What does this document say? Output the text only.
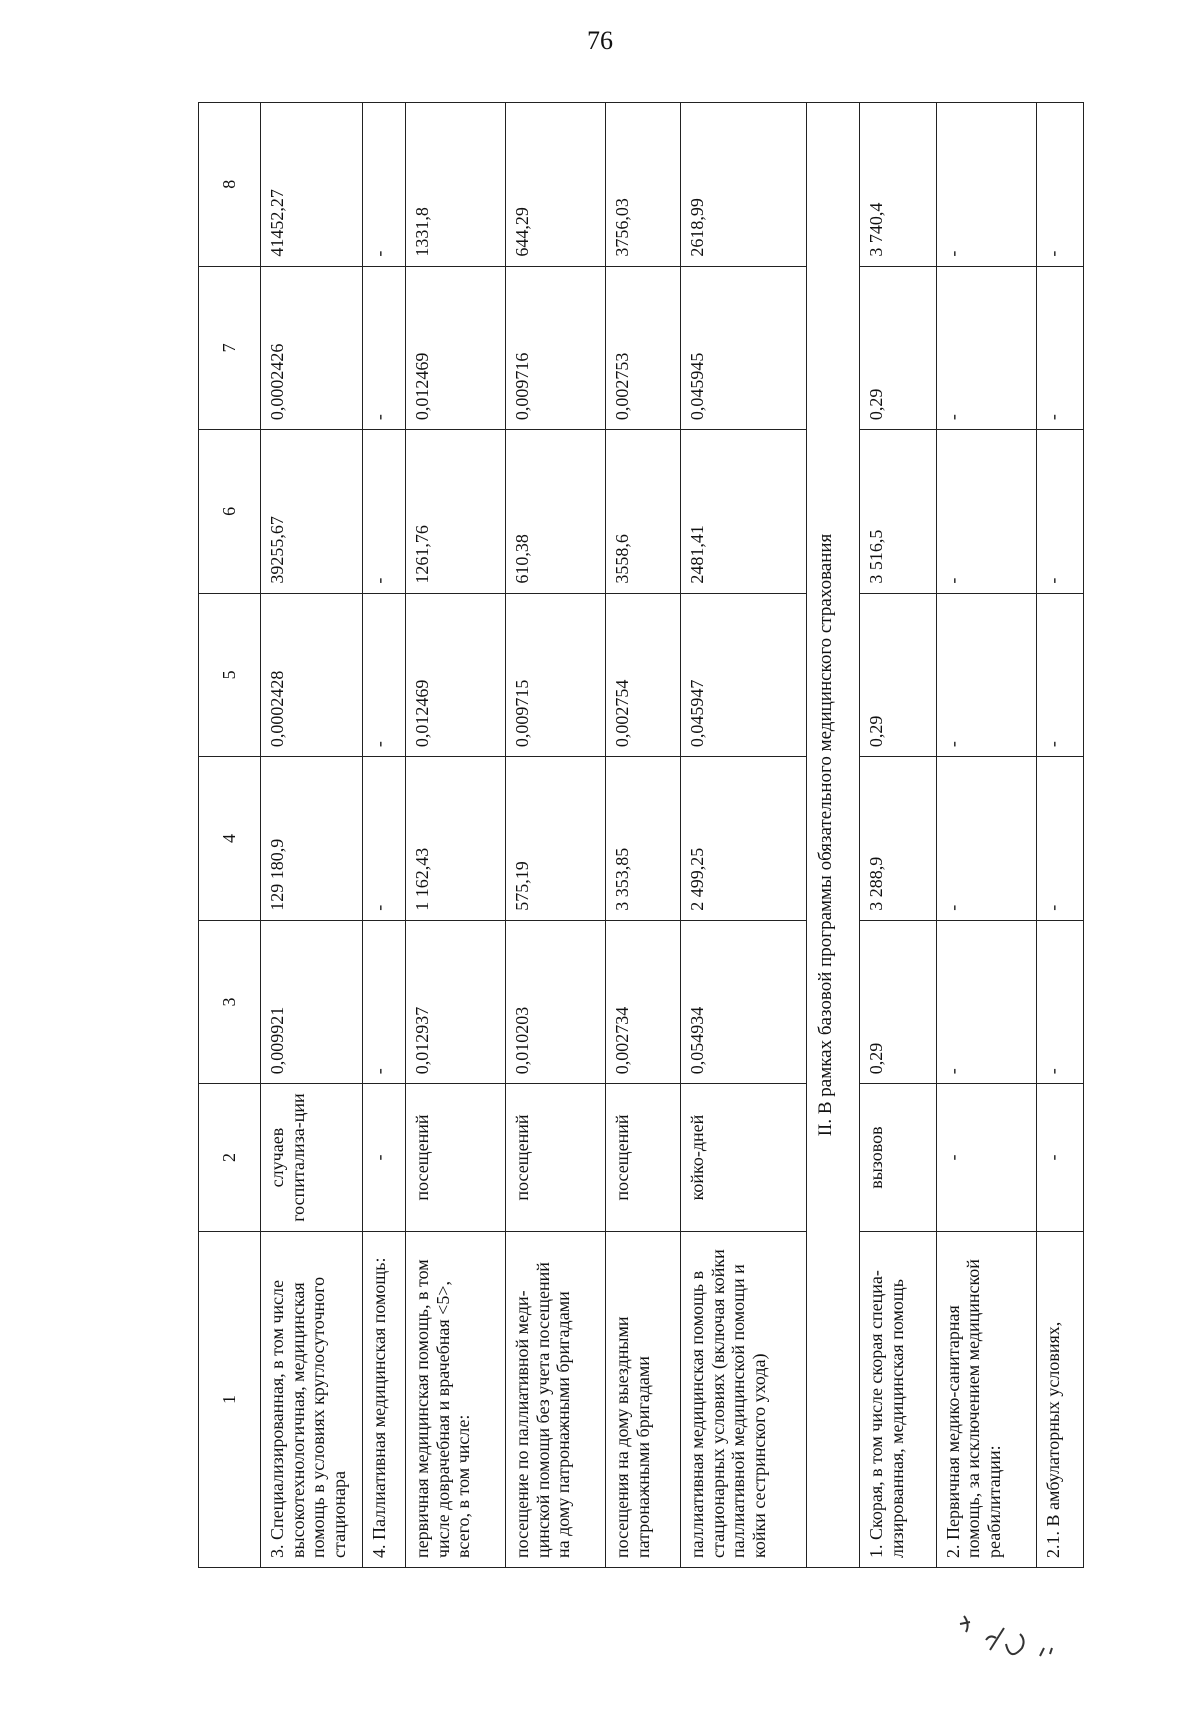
76
1	2	3	4	5	6	7	8
3. Специализированная, в том числе высокотехнологичная, медицинская помощь в условиях круглосуточного стационара	случаев госпитализа-ции	0,009921	129 180,9	0,0002428	39255,67	0,0002426	41452,27
4. Паллиативная медицинская помощь:	-	-	-	-	-	-	-
первичная медицинская помощь, в том числе доврачебная и врачебная <5>, всего, в том числе:	посещений	0,012937	1 162,43	0,012469	1261,76	0,012469	1331,8
посещение по паллиативной меди-цинской помощи без учета посещений на дому патронажными бригадами	посещений	0,010203	575,19	0,009715	610,38	0,009716	644,29
посещения на дому выездными патронажными бригадами	посещений	0,002734	3 353,85	0,002754	3558,6	0,002753	3756,03
паллиативная медицинская помощь в стационарных условиях (включая койки паллиативной медицинской помощи и койки сестринского ухода)	койко-дней	0,054934	2 499,25	0,045947	2481,41	0,045945	2618,99
II. В рамках базовой программы обязательного медицинского страхования							
1. Скорая, в том числе скорая специа-лизированная, медицинская помощь	вызовов	0,29	3 288,9	0,29	3 516,5	0,29	3 740,4
2. Первичная медико-санитарная помощь, за исключением медицинской реабилитации:	-	-	-	-	-	-	-
2.1. В амбулаторных условиях,	-	-	-	-	-	-	-
